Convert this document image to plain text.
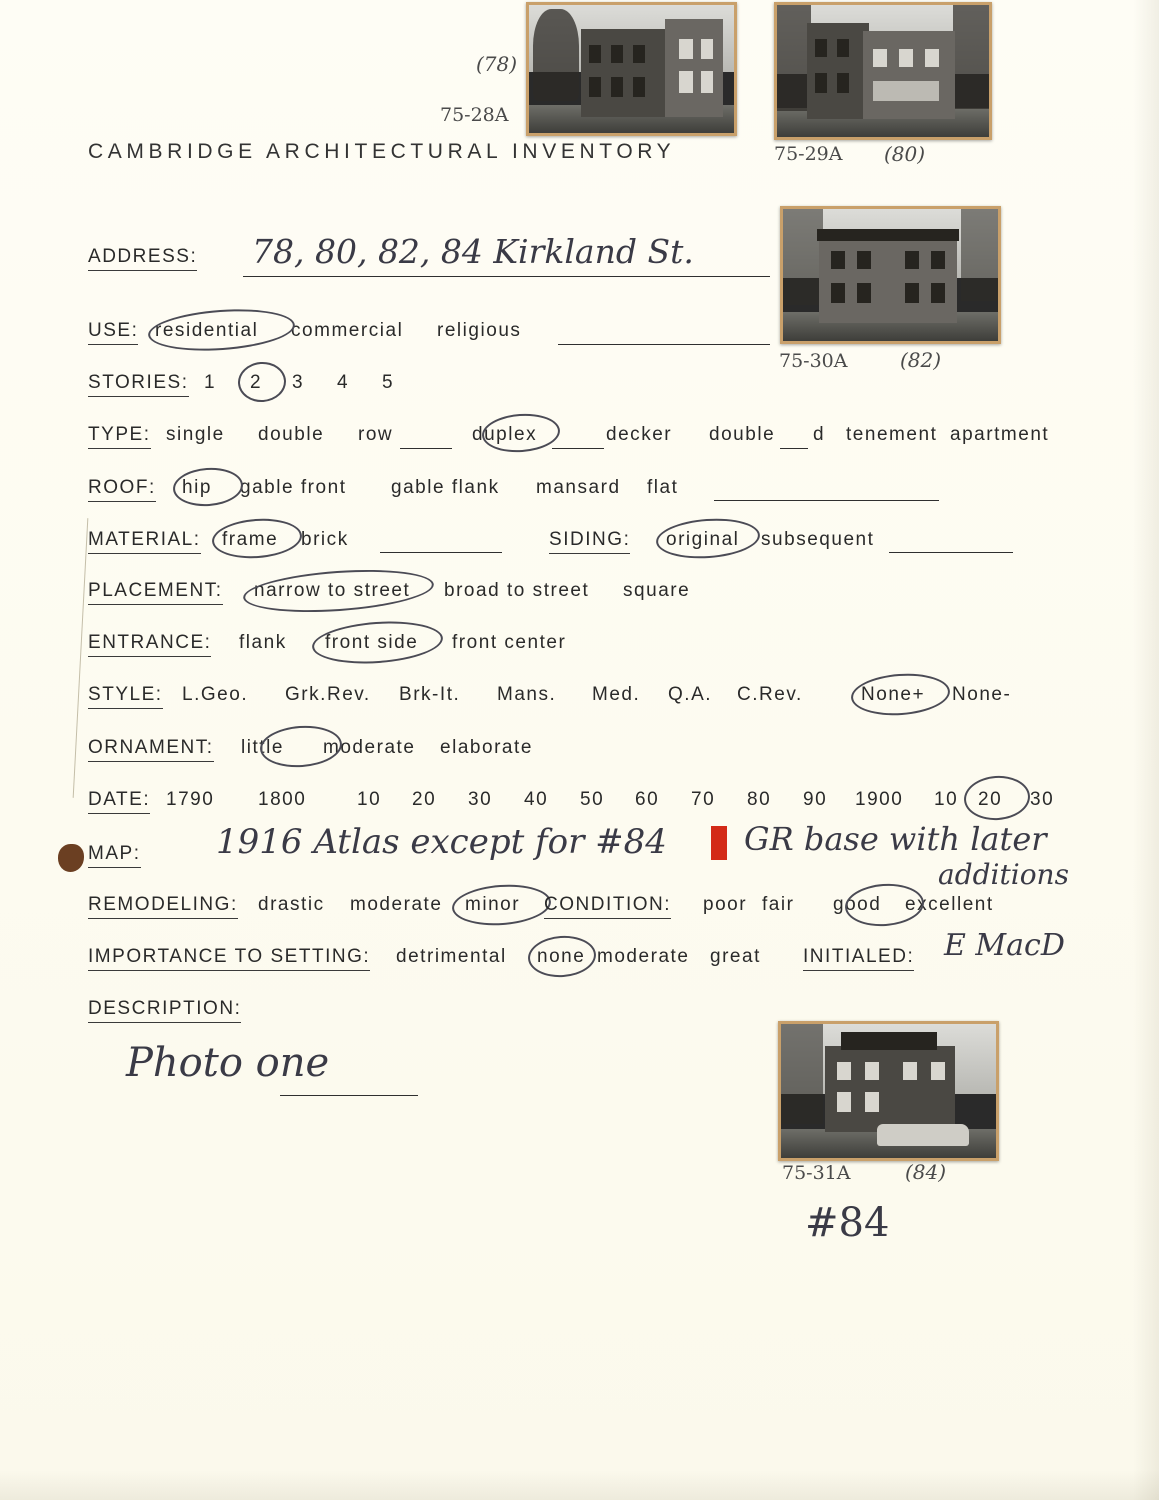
(78)
75-28A
75-29A (80)
75-30A	(82)
75-31A	(84)
#84
CAMBRIDGE ARCHITECTURAL INVENTORY
ADDRESS: 78, 80, 82, 84 Kirkland St.
USE: residential commercial religious
STORIES: 1 2 3 4 5
TYPE: single double row	duplex	decker double d tenement apartment
ROOF: hip gable front gable flank mansard flat
MATERIAL: frame brick	SIDING: original subsequent
PLACEMENT: narrow to street broad to street square
ENTRANCE: flank front side front center
STYLE: L.Geo. Grk.Rev. Brk-It. Mans. Med. Q.A. C.Rev.	None+ None-
ORNAMENT: little moderate elaborate
DATE: 1790 1800	10 20 30 40 50 60 70 80 90 1900 10 20 30
MAP: 1916 Atlas except for #84 GR base with later
additions
REMODELING: drastic moderate minor CONDITION: poor fair good excellent
IMPORTANCE TO SETTING: detrimental none moderate great INITIALED: E MacD
DESCRIPTION:
Photo one
